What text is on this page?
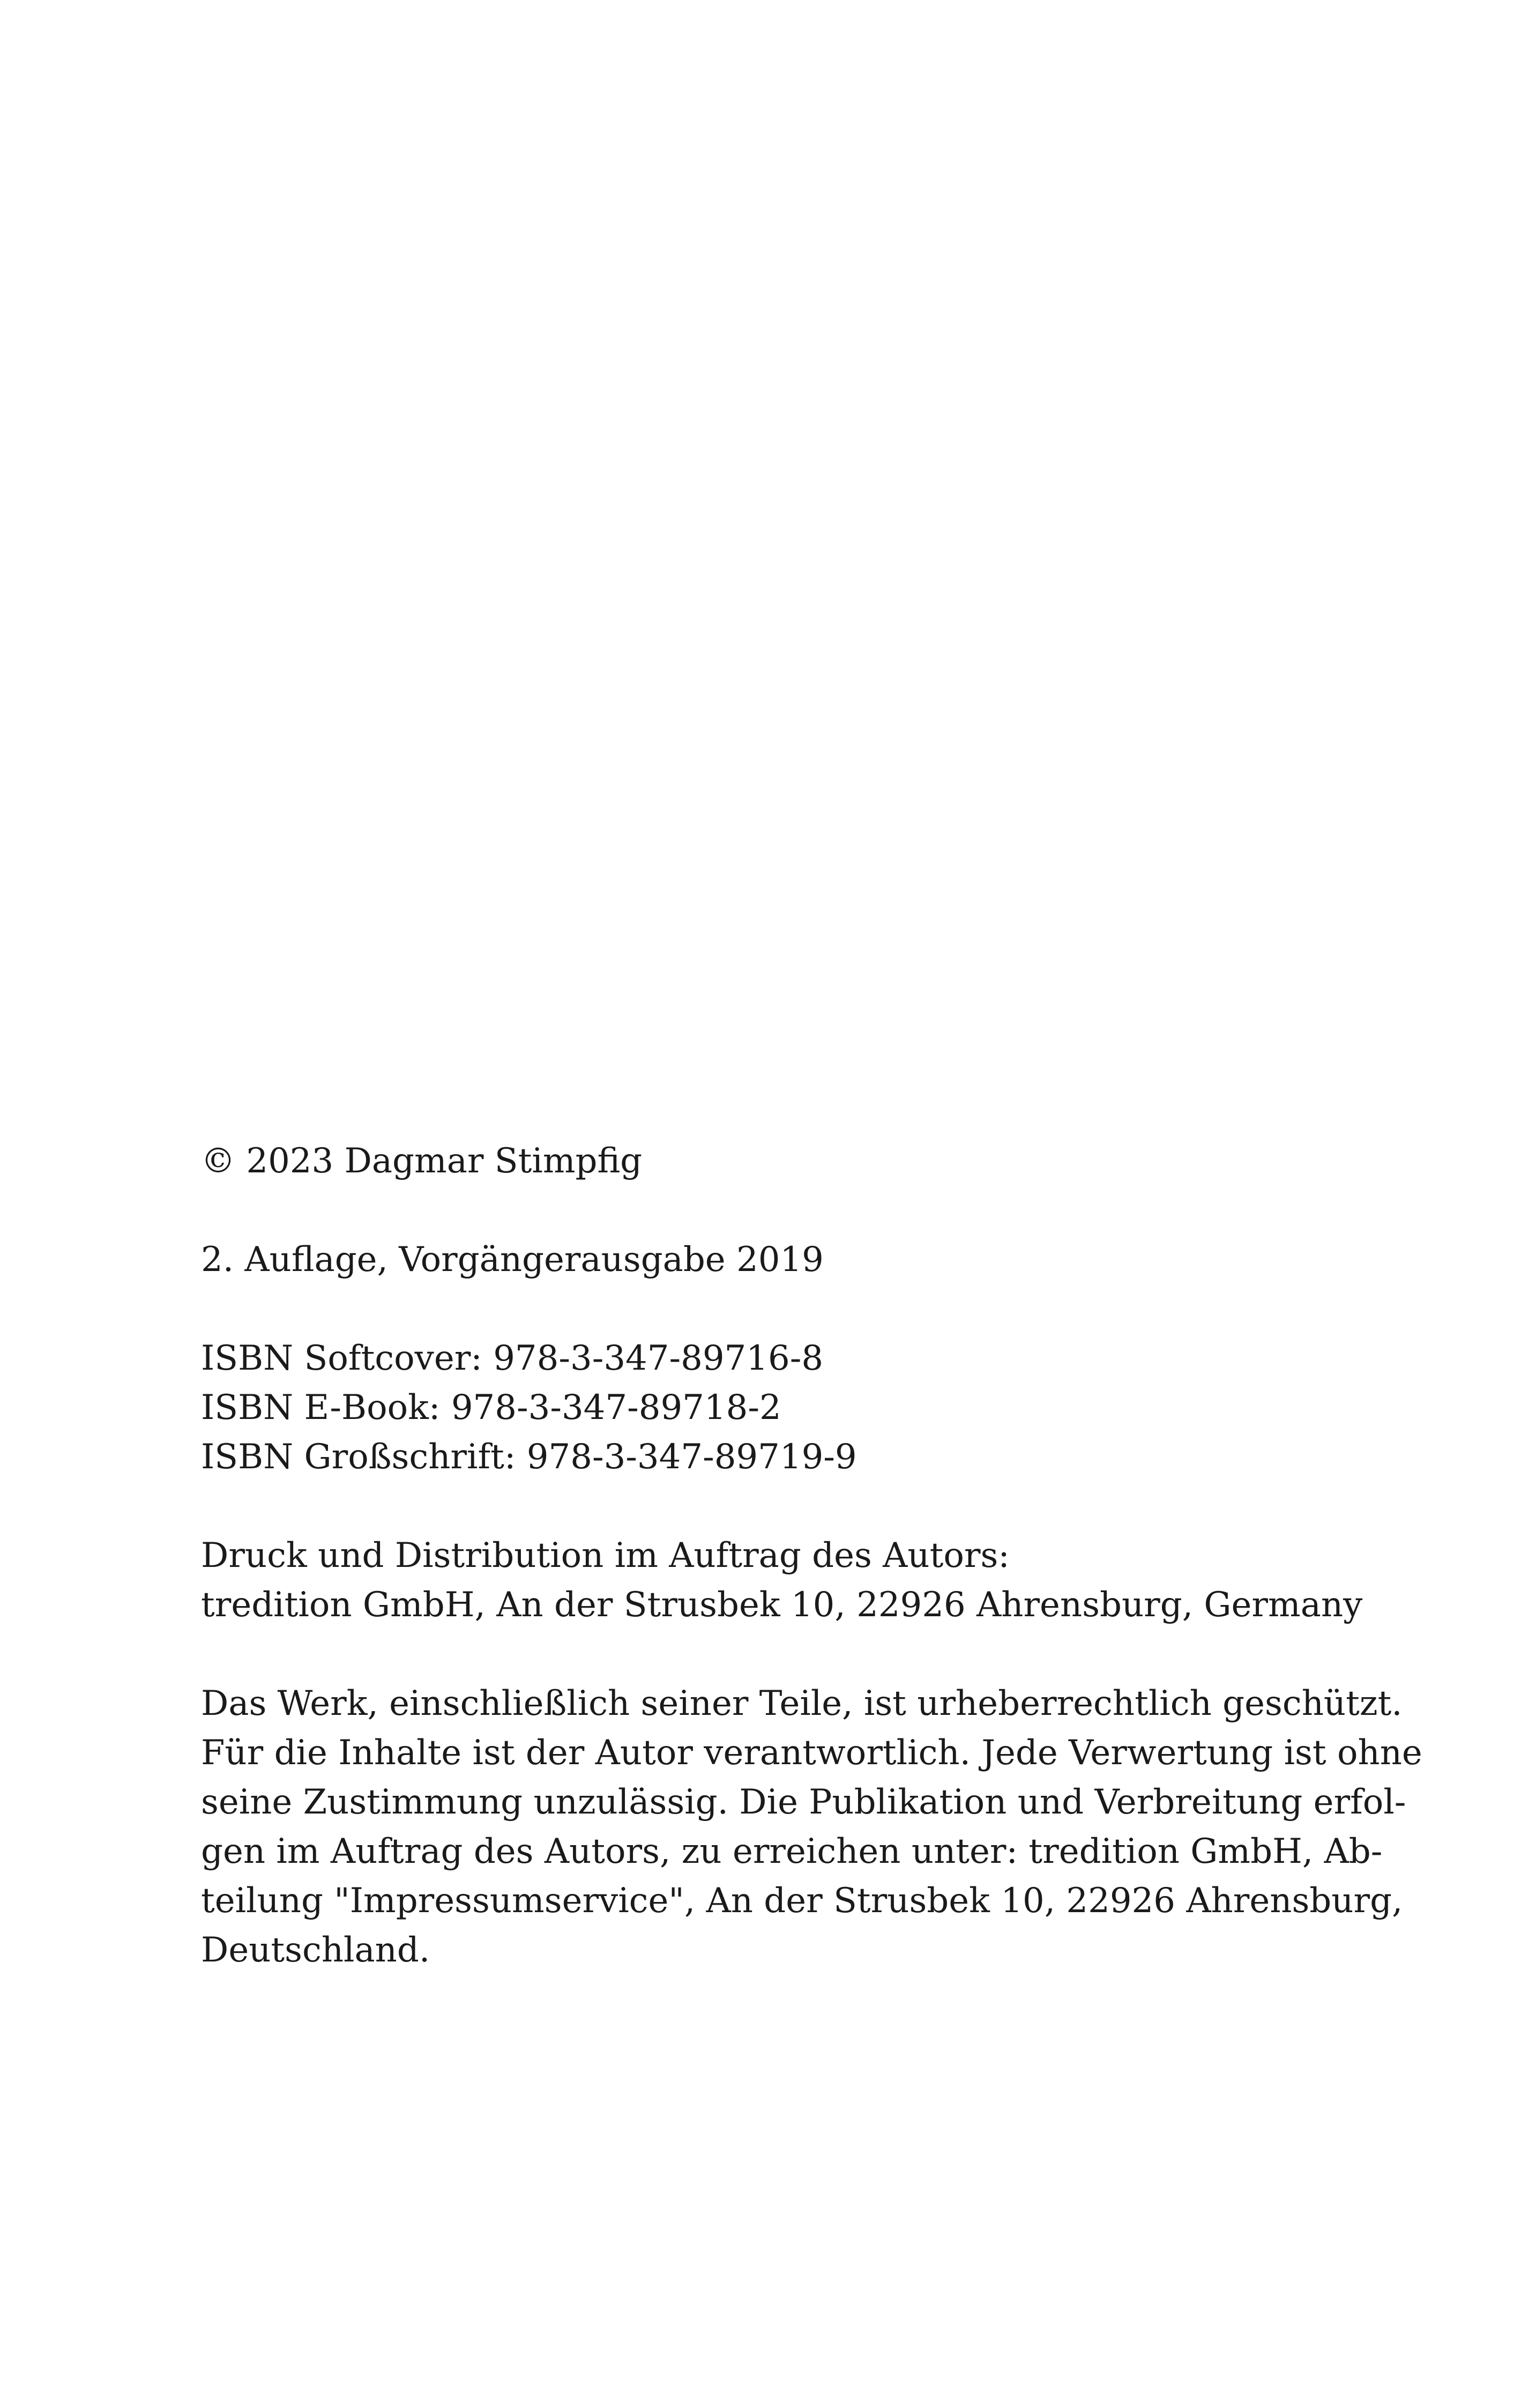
© 2023 Dagmar Stimpfig

2. Auflage, Vorgängerausgabe 2019

ISBN Softcover: 978-3-347-89716-8

ISBN E-Book: 978-3-347-89718-2

ISBN Großschrift: 978-3-347-89719-9

Druck und Distribution im Auftrag des Autors:

tredition GmbH, An der Strusbek 10, 22926 Ahrensburg, Germany

Das Werk, einschließlich seiner Teile, ist urheberrechtlich geschützt.

Für die Inhalte ist der Autor verantwortlich. Jede Verwertung ist ohne

seine Zustimmung unzulässig. Die Publikation und Verbreitung erfol-

gen im Auftrag des Autors, zu erreichen unter: tredition GmbH, Ab-

teilung "Impressumservice", An der Strusbek 10, 22926 Ahrensburg,

Deutschland.
